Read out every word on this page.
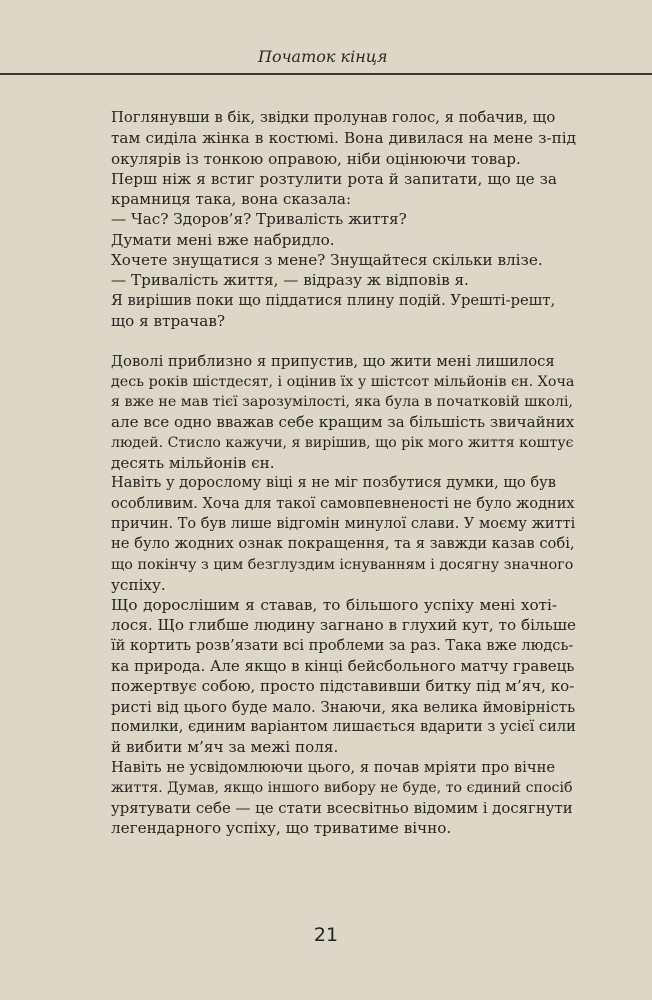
Початок кінця

Поглянувши в бік, звідки пролунав голос, я побачив, що
там сиділа жінка в костюмі. Вона дивилася на мене з-під
окулярів із тонкою оправою, ніби оцінюючи товар.

Перш ніж я встиг розтулити рота й запитати, що це за
крамниця така, вона сказала:

— Час? Здоров’я? Тривалість життя?

Думати мені вже набридло.

Хочете знущатися з мене? Знущайтеся скільки влізе.

— Тривалість життя, — відразу ж відповів я.

Я вирішив поки що піддатися плину подій. Урешті-решт,
що я втрачав?

Доволі приблизно я припустив, що жити мені лишилося
десь років шістдесят, і оцінив їх у шістсот мільйонів єн. Хоча
я вже не мав тієї зарозумілості, яка була в початковій школі,
але все одно вважав себе кращим за більшість звичайних
людей. Стисло кажучи, я вирішив, що рік мого життя коштує
десять мільйонів єн.

Навіть у дорослому віці я не міг позбутися думки, що був
особливим. Хоча для такої самовпевненості не було жодних
причин. То був лише відгомін минулої слави. У моєму житті
не було жодних ознак покращення, та я завжди казав собі,
що покінчу з цим безглуздим існуванням і досягну значного
успіху.

Що дорослішим я ставав, то більшого успіху мені хоті-
лося. Що глибше людину загнано в глухий кут, то більше
їй кортить розв’язати всі проблеми за раз. Така вже людсь-
ка природа. Але якщо в кінці бейсбольного матчу гравець
пожертвує собою, просто підставивши битку під м’яч, ко-
ристі від цього буде мало. Знаючи, яка велика ймовірність
помилки, єдиним варіантом лишається вдарити з усієї сили
й вибити м’яч за межі поля.

Навіть не усвідомлюючи цього, я почав мріяти про вічне
життя. Думав, якщо іншого вибору не буде, то єдиний спосіб
урятувати себе — це стати всесвітньо відомим і досягнути
легендарного успіху, що триватиме вічно.

21
